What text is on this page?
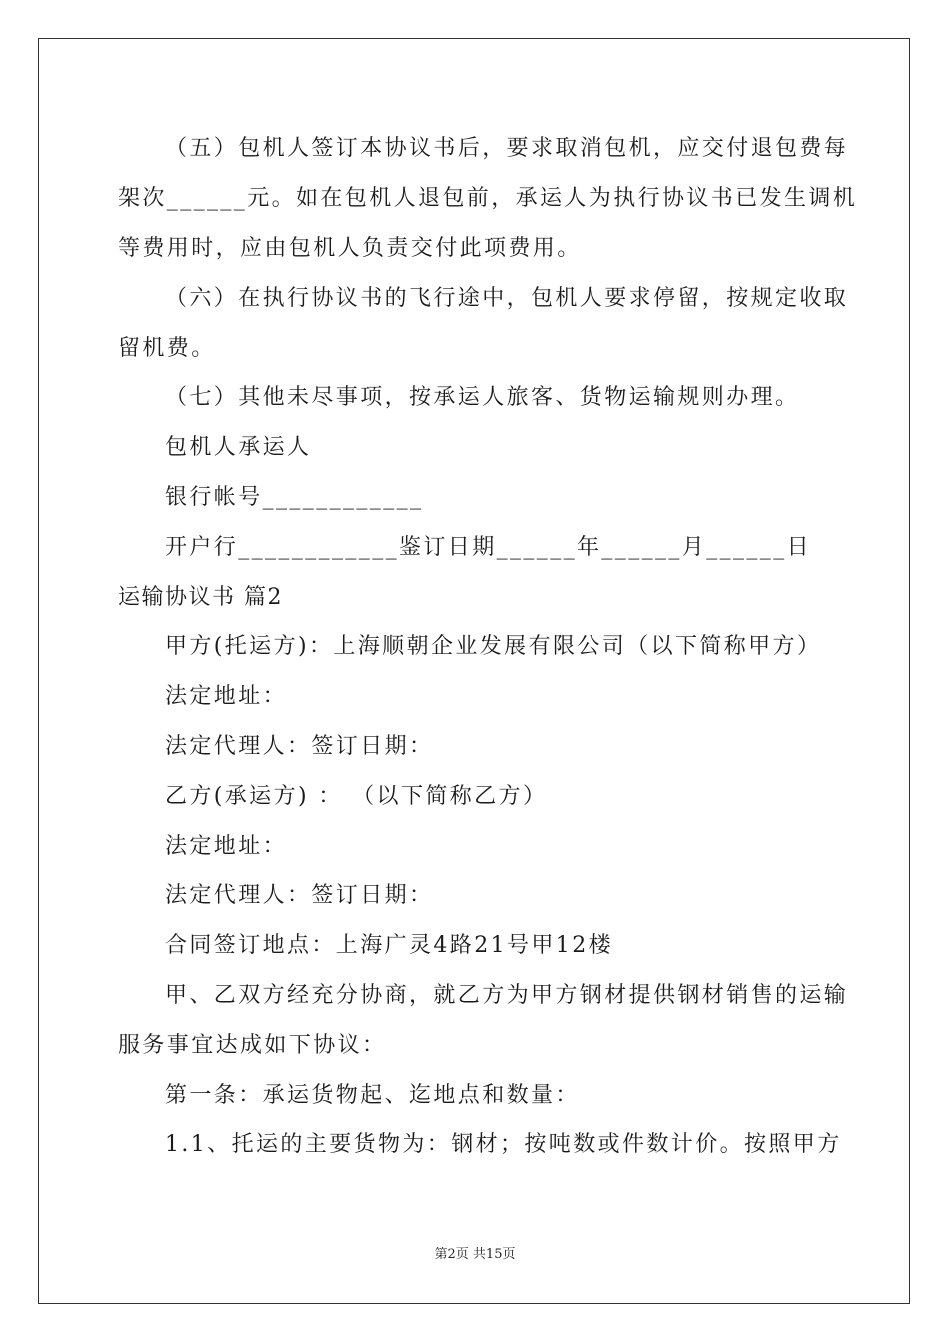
（五）包机人签订本协议书后，要求取消包机，应交付退包费每
架次______元。如在包机人退包前，承运人为执行协议书已发生调机
等费用时，应由包机人负责交付此项费用。
（六）在执行协议书的飞行途中，包机人要求停留，按规定收取
留机费。
（七）其他未尽事项，按承运人旅客、货物运输规则办理。
包机人承运人
银行帐号____________
开户行____________鉴订日期______年______月______日
运输协议书 篇2
甲方(托运方)：上海顺朝企业发展有限公司（以下简称甲方）
法定地址：
法定代理人：签订日期：
乙方(承运方) ： （以下简称乙方）
法定地址：
法定代理人：签订日期：
合同签订地点：上海广灵4路21号甲12楼
甲、乙双方经充分协商，就乙方为甲方钢材提供钢材销售的运输
服务事宜达成如下协议：
第一条：承运货物起、迄地点和数量：
1.1、托运的主要货物为：钢材；按吨数或件数计价。按照甲方
第2页 共15页
